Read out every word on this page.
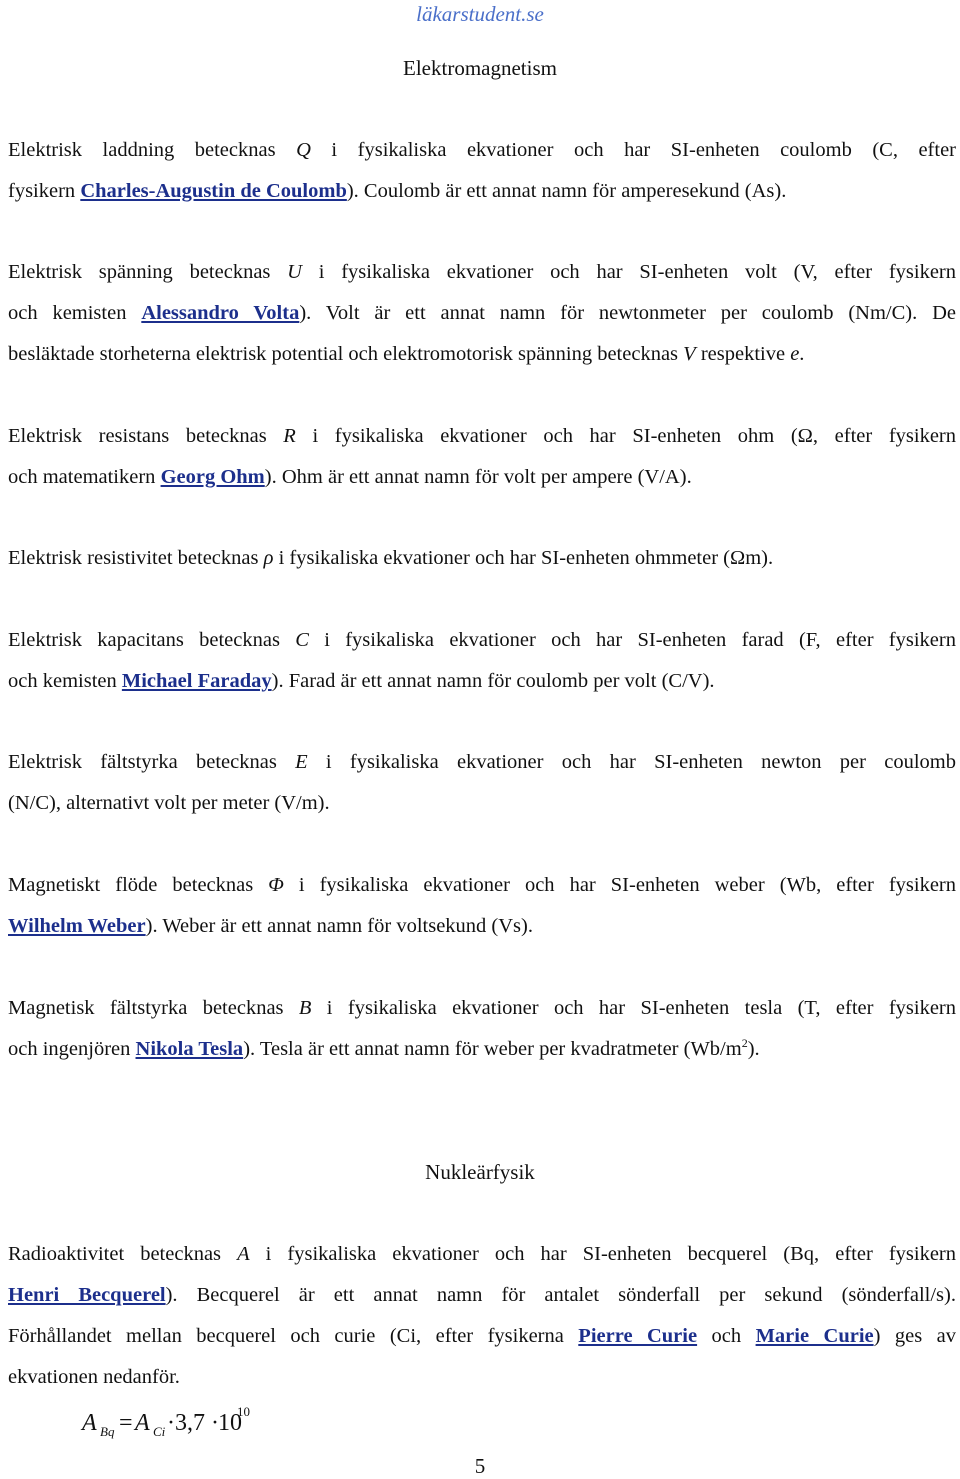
läkarstudent.se
Elektromagnetism
Elektrisk laddning betecknas Q i fysikaliska ekvationer och har SI-enheten coulomb (C, efter
fysikern Charles-Augustin de Coulomb). Coulomb är ett annat namn för amperesekund (As).
Elektrisk spänning betecknas U i fysikaliska ekvationer och har SI-enheten volt (V, efter fysikern
och kemisten Alessandro Volta). Volt är ett annat namn för newtonmeter per coulomb (Nm/C). De
besläktade storheterna elektrisk potential och elektromotorisk spänning betecknas V respektive e.
Elektrisk resistans betecknas R i fysikaliska ekvationer och har SI-enheten ohm (Ω, efter fysikern
och matematikern Georg Ohm). Ohm är ett annat namn för volt per ampere (V/A).
Elektrisk resistivitet betecknas ρ i fysikaliska ekvationer och har SI-enheten ohmmeter (Ωm).
Elektrisk kapacitans betecknas C i fysikaliska ekvationer och har SI-enheten farad (F, efter fysikern
och kemisten Michael Faraday). Farad är ett annat namn för coulomb per volt (C/V).
Elektrisk fältstyrka betecknas E i fysikaliska ekvationer och har SI-enheten newton per coulomb
(N/C), alternativt volt per meter (V/m).
Magnetiskt flöde betecknas Φ i fysikaliska ekvationer och har SI-enheten weber (Wb, efter fysikern
Wilhelm Weber). Weber är ett annat namn för voltsekund (Vs).
Magnetisk fältstyrka betecknas B i fysikaliska ekvationer och har SI-enheten tesla (T, efter fysikern
och ingenjören Nikola Tesla). Tesla är ett annat namn för weber per kvadratmeter $(Wb/m^2)$.
Nukleärfysik
Radioaktivitet betecknas A i fysikaliska ekvationer och har SI-enheten becquerel (Bq, efter fysikern
Henri Becquerel). Becquerel är ett annat namn för antalet sönderfall per sekund (sönderfall/s).
Förhållandet mellan becquerel och curie (Ci, efter fysikerna Pierre Curie och Marie Curie) ges av
ekvationen nedanför.
A Bq = A Ci · 3,7 · 10
10
5
